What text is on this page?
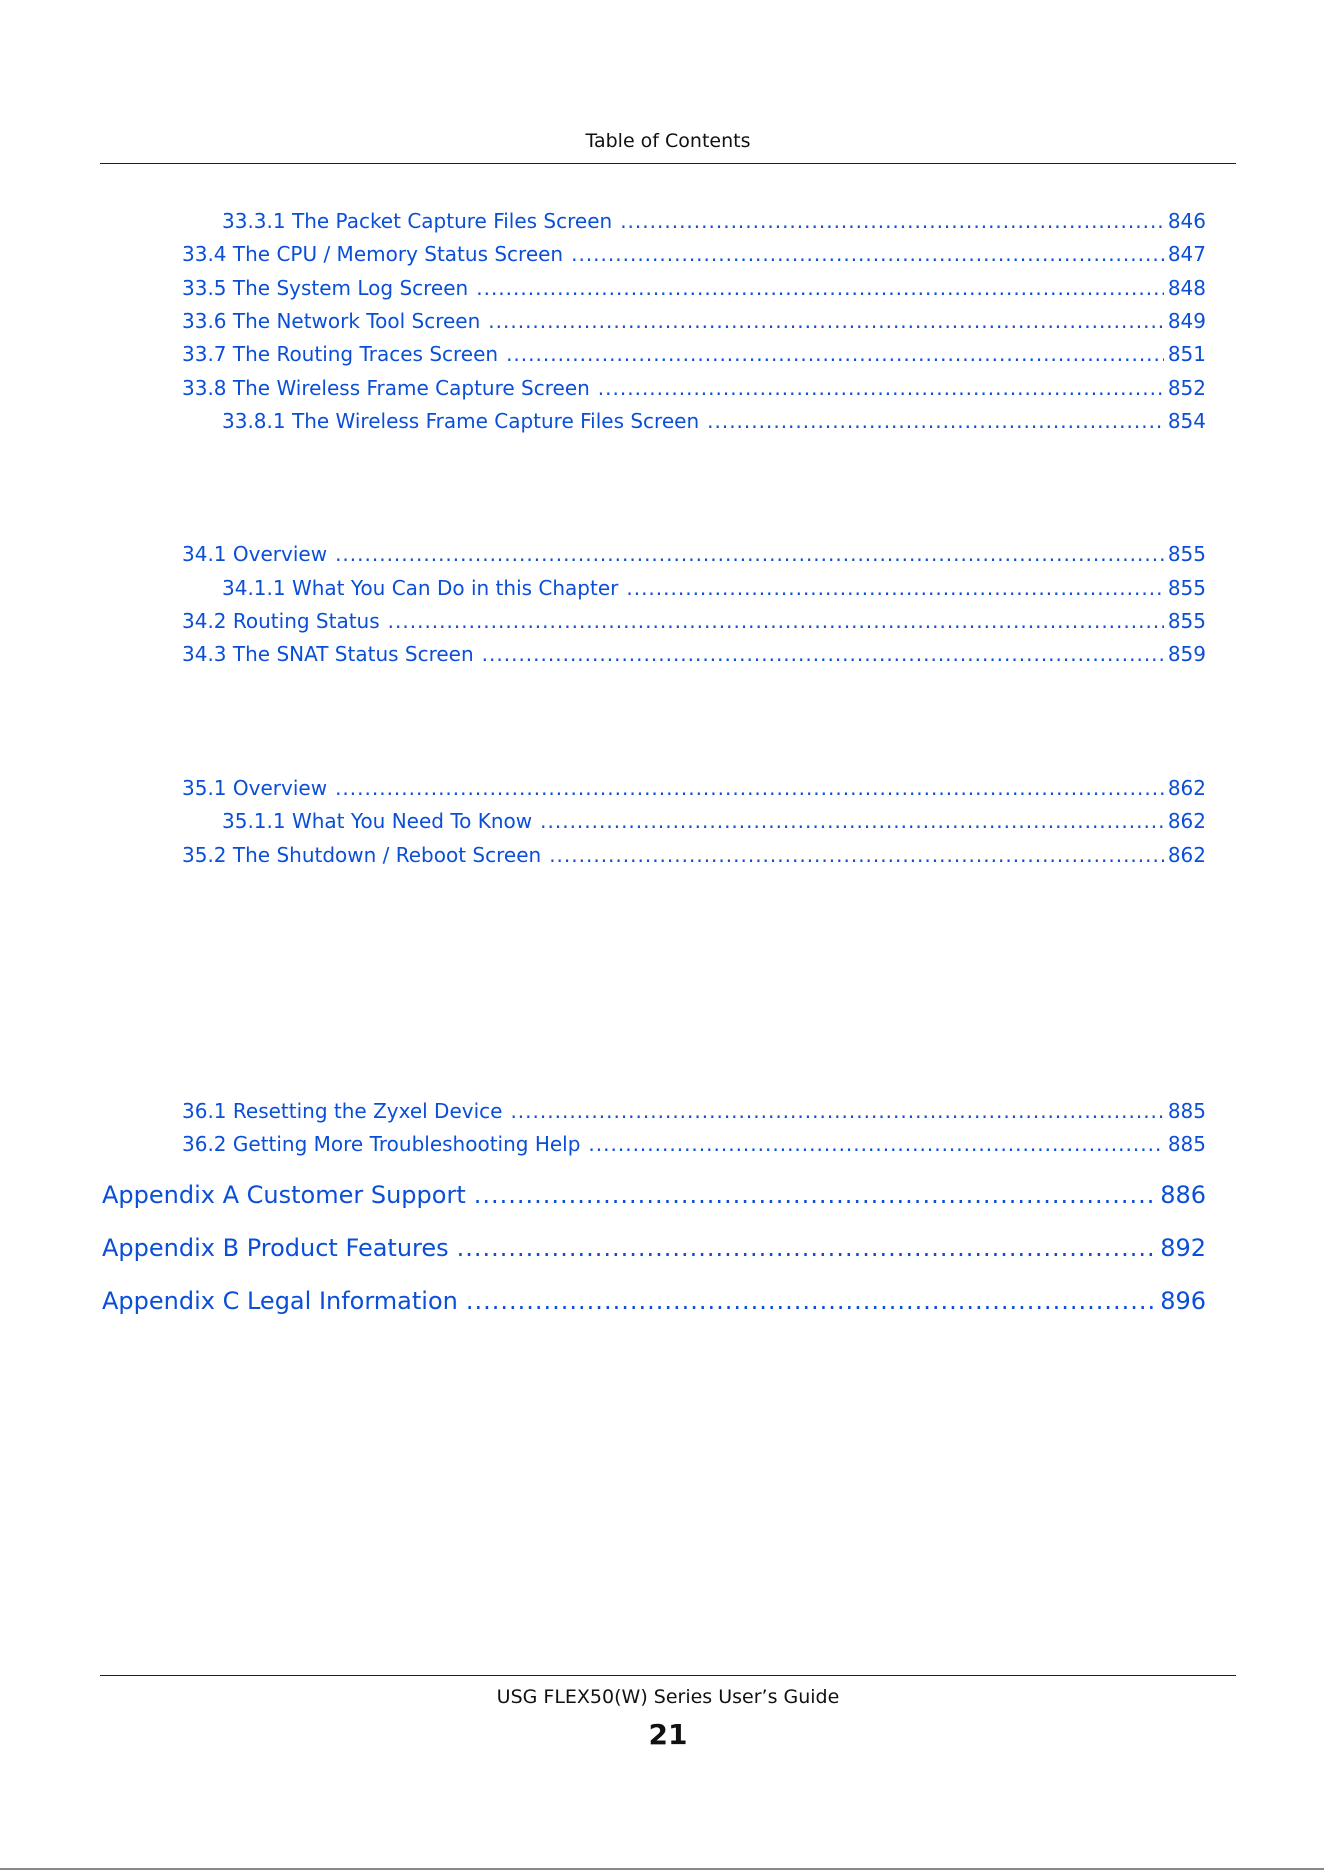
Table of Contents
33.3.1 The Packet Capture Files Screen .....	846
33.4 The CPU / Memory Status Screen .....	847
33.5 The System Log Screen .....	848
33.6 The Network Tool Screen .....	849
33.7 The Routing Traces Screen .....	851
33.8 The Wireless Frame Capture Screen .....	852
33.8.1 The Wireless Frame Capture Files Screen .....	854
34.1 Overview .....	855
34.1.1 What You Can Do in this Chapter .....	855
34.2 Routing Status .....	855
34.3 The SNAT Status Screen .....	859
35.1 Overview .....	862
35.1.1 What You Need To Know .....	862
35.2 The Shutdown / Reboot Screen .....	862
36.1 Resetting the Zyxel Device .....	885
36.2 Getting More Troubleshooting Help .....	885
Appendix A Customer Support .....	886
Appendix B Product Features .....	892
Appendix C Legal Information .....	896
USG FLEX50(W) Series User’s Guide
21
